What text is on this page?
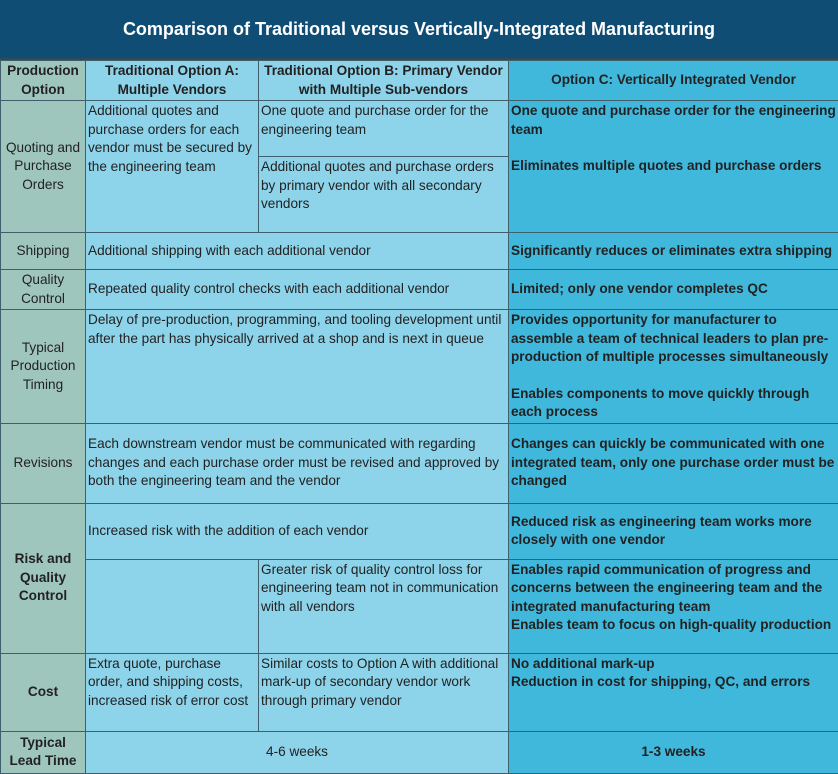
Comparison of Traditional versus Vertically-Integrated Manufacturing
Production Option	Traditional Option A: Multiple Vendors	Traditional Option B: Primary Vendor with Multiple Sub-vendors	Option C: Vertically Integrated Vendor
Quoting and Purchase Orders	Additional quotes and purchase orders for each vendor must be secured by the engineering team	One quote and purchase order for the engineering team	One quote and purchase order for the engineering team

Eliminates multiple quotes and purchase orders

		Additional quotes and purchase orders by primary vendor with all secondary vendors	
Shipping	Additional shipping with each additional vendor		Significantly reduces or eliminates extra shipping
Quality Control	Repeated quality control checks with each additional vendor		Limited; only one vendor completes QC
Typical Production Timing	Delay of pre-production, programming, and tooling development until after the part has physically arrived at a shop and is next in queue		Provides opportunity for manufacturer to assemble a team of technical leaders to plan pre-production of multiple processes simultaneously

Enables components to move quickly through each process

Revisions	Each downstream vendor must be communicated with regarding changes and each purchase order must be revised and approved by both the engineering team and the vendor		Changes can quickly be communicated with one integrated team, only one purchase order must be changed
Risk and Quality Control	Increased risk with the addition of each vendor		Reduced risk as engineering team works more closely with one vendor
		Greater risk of quality control loss for engineering team not in communication with all vendors	Enables rapid communication of progress and concerns between the engineering team and the integrated manufacturing team

Enables team to focus on high-quality production

Cost	Extra quote, purchase order, and shipping costs, increased risk of error cost	Similar costs to Option A with additional mark-up of secondary vendor work through primary vendor	No additional mark-up

Reduction in cost for shipping, QC, and errors

Typical Lead Time	4-6 weeks		1-3 weeks
